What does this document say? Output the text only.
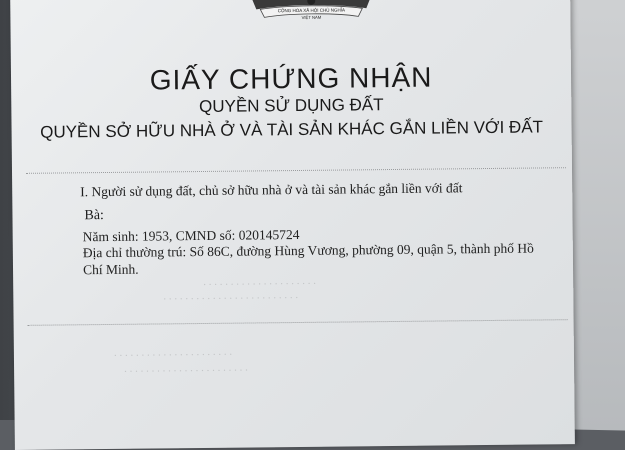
CỘNG HÒA XÃ HỘI CHỦ NGHĨA
VIỆT NAM
GIẤY CHỨNG NHẬN
QUYỀN SỬ DỤNG ĐẤT
QUYỀN SỞ HỮU NHÀ Ở VÀ TÀI SẢN KHÁC GẮN LIỀN VỚI ĐẤT
I. Người sử dụng đất, chủ sở hữu nhà ở và tài sản khác gắn liền với đất
Bà:
Năm sinh: 1953, CMND số: 020145724
Địa chỉ thường trú: Số 86C, đường Hùng Vương, phường 09, quận 5, thành phố Hồ
Chí Minh.
. . . . . . . . . . . . . . . . . . . . .
. . . . . . . . . . . . . . . . . . . . . . . . .
. . . . . . . . . . . . . . . . . . . . . .
. . . . . . . . . . . . . . . . . . . . . . .
